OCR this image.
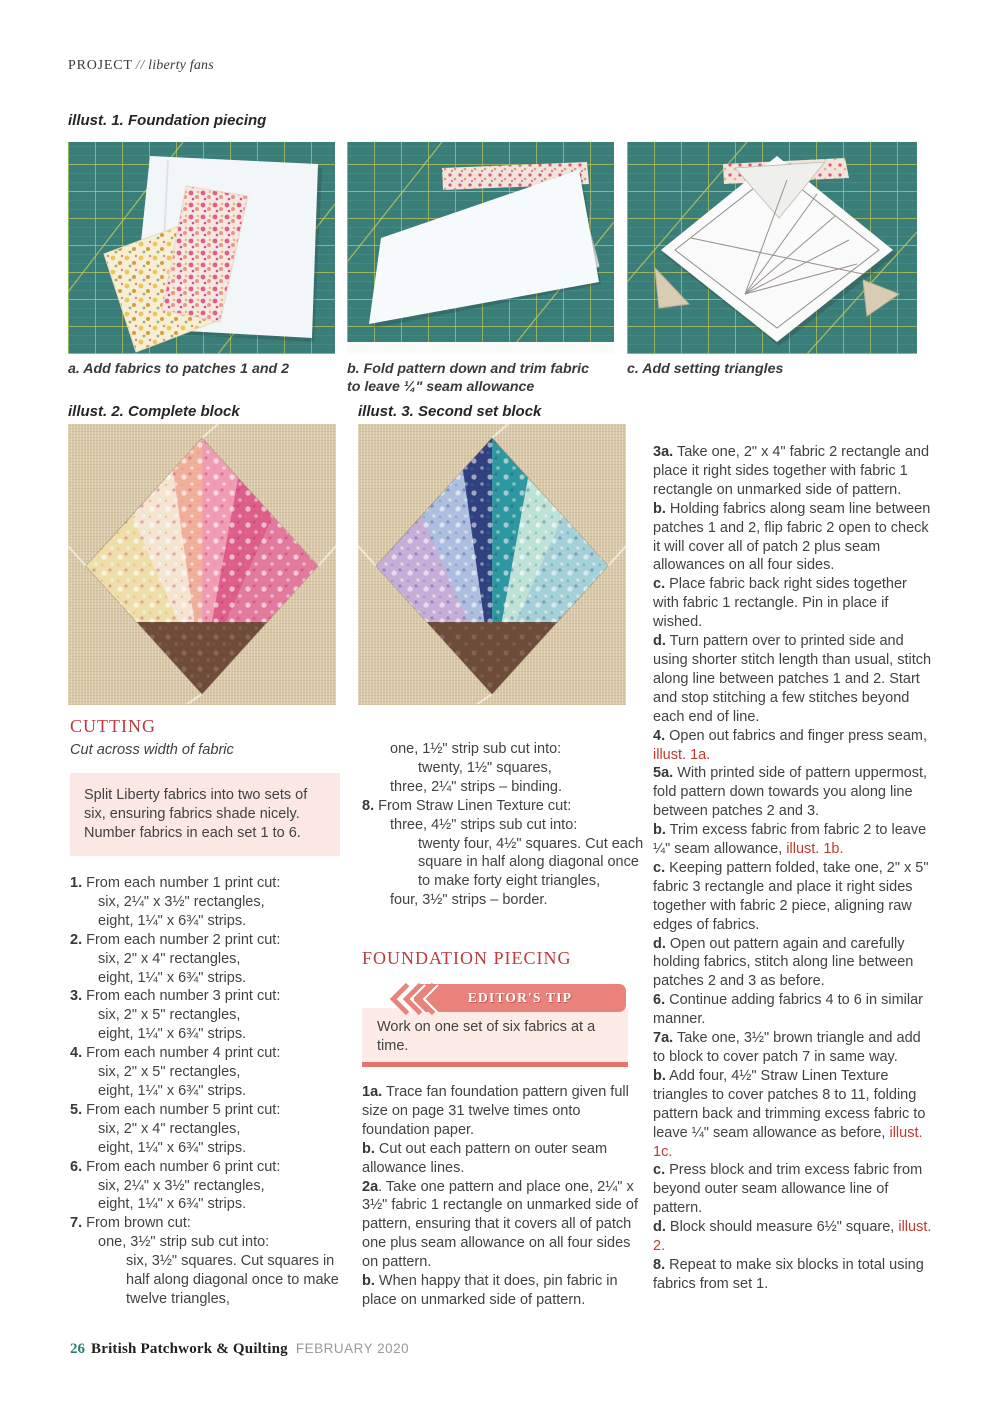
PROJECT // liberty fans
illust. 1. Foundation piecing
a. Add fabrics to patches 1 and 2	b. Fold pattern down and trim fabric to leave ¼" seam allowance
c. Add setting triangles
illust. 2. Complete block	illust. 3. Second set block
CUTTING
Cut across width of fabric
Split Liberty fabrics into two sets of six, ensuring fabrics shade nicely. Number fabrics in each set 1 to 6.
1. From each number 1 print cut:
six, 2¼" x 3½" rectangles,
eight, 1¼" x 6¾" strips.
2. From each number 2 print cut:
six, 2" x 4" rectangles,
eight, 1¼" x 6¾" strips.
3. From each number 3 print cut:
six, 2" x 5" rectangles,
eight, 1¼" x 6¾" strips.
4. From each number 4 print cut:
six, 2" x 5" rectangles,
eight, 1¼" x 6¾" strips.
5. From each number 5 print cut:
six, 2" x 4" rectangles,
eight, 1¼" x 6¾" strips.
6. From each number 6 print cut:
six, 2¼" x 3½" rectangles,
eight, 1¼" x 6¾" strips.
7. From brown cut:
one, 3½" strip sub cut into:
six, 3½" squares. Cut squares in half along diagonal once to make twelve triangles,
one, 1½" strip sub cut into:
twenty, 1½" squares,
three, 2¼" strips – binding.
8. From Straw Linen Texture cut:
three, 4½" strips sub cut into:
twenty four, 4½" squares. Cut each square in half along diagonal once to make forty eight triangles,
four, 3½" strips – border.
FOUNDATION PIECING
EDITOR'S TIP
Work on one set of six fabrics at a time.
1a. Trace fan foundation pattern given full size on page 31 twelve times onto foundation paper.
b. Cut out each pattern on outer seam allowance lines.
2a. Take one pattern and place one, 2¼" x 3½" fabric 1 rectangle on unmarked side of pattern, ensuring that it covers all of patch one plus seam allowance on all four sides on pattern.
b. When happy that it does, pin fabric in place on unmarked side of pattern.
3a. Take one, 2" x 4" fabric 2 rectangle and place it right sides together with fabric 1 rectangle on unmarked side of pattern.
b. Holding fabrics along seam line between patches 1 and 2, flip fabric 2 open to check it will cover all of patch 2 plus seam allowances on all four sides.
c. Place fabric back right sides together with fabric 1 rectangle. Pin in place if wished.
d. Turn pattern over to printed side and using shorter stitch length than usual, stitch along line between patches 1 and 2. Start and stop stitching a few stitches beyond each end of line.
4. Open out fabrics and finger press seam, illust. 1a.
5a. With printed side of pattern uppermost, fold pattern down towards you along line between patches 2 and 3.
b. Trim excess fabric from fabric 2 to leave ¼" seam allowance, illust. 1b.
c. Keeping pattern folded, take one, 2" x 5" fabric 3 rectangle and place it right sides together with fabric 2 piece, aligning raw edges of fabrics.
d. Open out pattern again and carefully holding fabrics, stitch along line between patches 2 and 3 as before.
6. Continue adding fabrics 4 to 6 in similar manner.
7a. Take one, 3½" brown triangle and add to block to cover patch 7 in same way.
b. Add four, 4½" Straw Linen Texture triangles to cover patches 8 to 11, folding pattern back and trimming excess fabric to leave ¼" seam allowance as before, illust. 1c.
c. Press block and trim excess fabric from beyond outer seam allowance line of pattern.
d. Block should measure 6½" square, illust. 2.
8. Repeat to make six blocks in total using fabrics from set 1.
26 British Patchwork & Quilting FEBRUARY 2020
